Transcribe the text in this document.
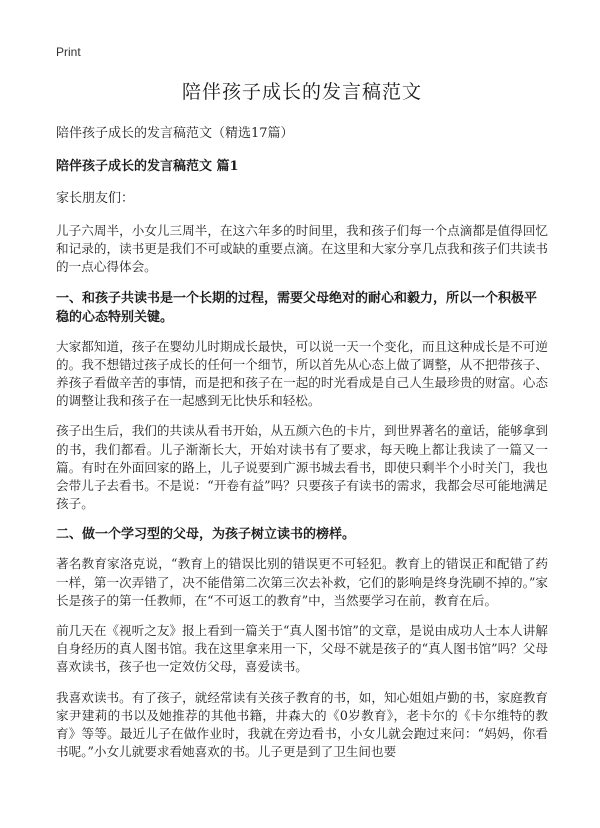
Print
陪伴孩子成长的发言稿范文

陪伴孩子成长的发言稿范文（精选17篇）

陪伴孩子成长的发言稿范文 篇1

家长朋友们：

儿子六周半，小女儿三周半，在这六年多的时间里，我和孩子们每一个点滴都是值得回忆和记录的，读书更是我们不可或缺的重要点滴。在这里和大家分享几点我和孩子们共读书的一点心得体会。

一、和孩子共读书是一个长期的过程，需要父母绝对的耐心和毅力，所以一个积极平稳的心态特别关键。

大家都知道，孩子在婴幼儿时期成长最快，可以说一天一个变化，而且这种成长是不可逆的。我不想错过孩子成长的任何一个细节，所以首先从心态上做了调整，从不把带孩子、养孩子看做辛苦的事情，而是把和孩子在一起的时光看成是自己人生最珍贵的财富。心态的调整让我和孩子在一起感到无比快乐和轻松。

孩子出生后，我们的共读从看书开始，从五颜六色的卡片，到世界著名的童话，能够拿到的书，我们都看。儿子渐渐长大，开始对读书有了要求，每天晚上都让我读了一篇又一篇。有时在外面回家的路上，儿子说要到广源书城去看书，即使只剩半个小时关门，我也会带儿子去看书。不是说：“开卷有益”吗？只要孩子有读书的需求，我都会尽可能地满足孩子。

二、做一个学习型的父母，为孩子树立读书的榜样。

著名教育家洛克说，“教育上的错误比别的错误更不可轻犯。教育上的错误正和配错了药一样，第一次弄错了，决不能借第二次第三次去补救，它们的影响是终身洗刷不掉的。”家长是孩子的第一任教师，在“不可返工的教育”中，当然要学习在前，教育在后。

前几天在《视听之友》报上看到一篇关于“真人图书馆”的文章，是说由成功人士本人讲解自身经历的真人图书馆。我在这里拿来用一下，父母不就是孩子的“真人图书馆”吗？父母喜欢读书，孩子也一定效仿父母，喜爱读书。

我喜欢读书。有了孩子，就经常读有关孩子教育的书，如，知心姐姐卢勤的书，家庭教育家尹建莉的书以及她推荐的其他书籍，井森大的《0岁教育》，老卡尔的《卡尔维特的教育》等等。最近儿子在做作业时，我就在旁边看书，小女儿就会跑过来问：“妈妈，你看书呢。”小女儿就要求看她喜欢的书。儿子更是到了卫生间也要
